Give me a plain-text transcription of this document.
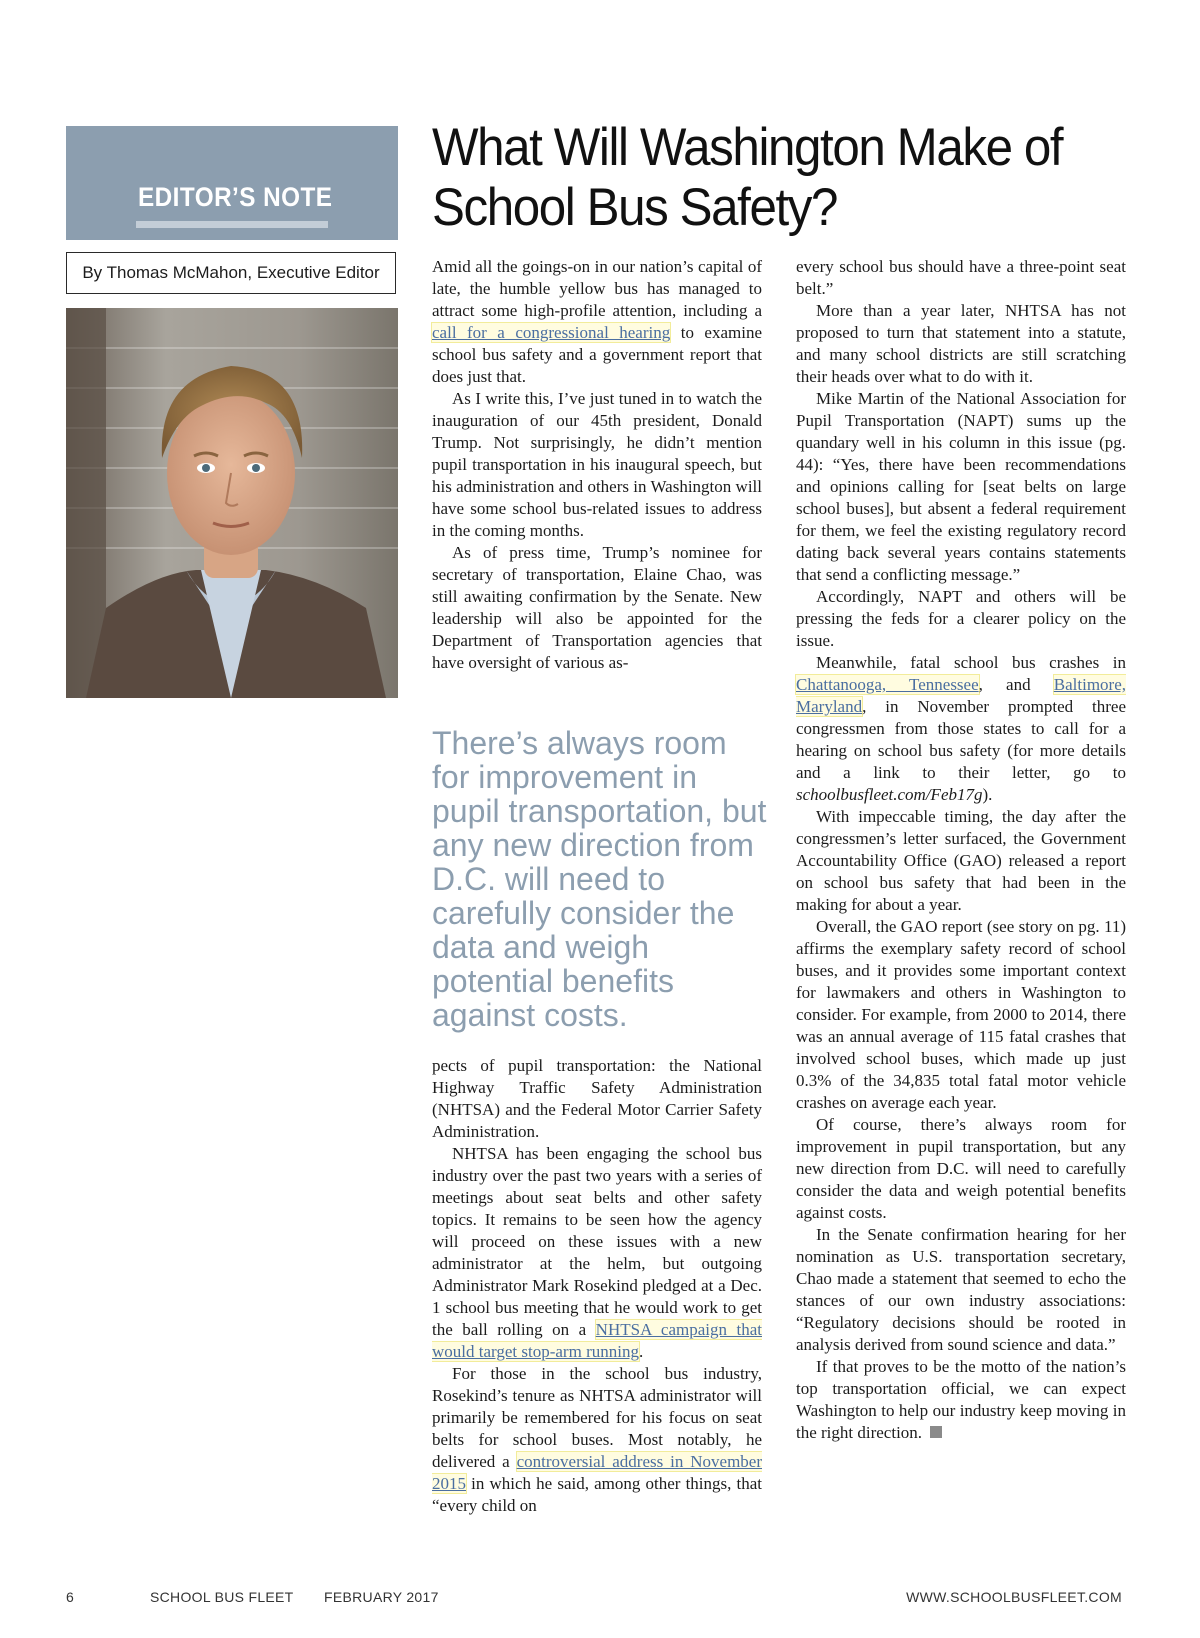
EDITOR’S NOTE
By Thomas McMahon, Executive Editor
What Will Washington Make of
School Bus Safety?

Amid all the goings-on in our nation’s capital of late, the humble yellow bus has managed to attract some high-profile attention, including a call for a congressional hearing to examine school bus safety and a government report that does just that.

As I write this, I’ve just tuned in to watch the inauguration of our 45th president, Donald Trump. Not surprisingly, he didn’t mention pupil transportation in his inaugural speech, but his administration and others in Washington will have some school bus-related issues to address in the coming months.

As of press time, Trump’s nominee for secretary of transportation, Elaine Chao, was still awaiting confirmation by the Senate. New leadership will also be appointed for the Department of Transportation agencies that have oversight of various as-

There’s always room for improvement in pupil transportation, but any new direction from D.C. will need to carefully consider the data and weigh potential benefits against costs.

pects of pupil transportation: the National Highway Traffic Safety Administration (NHTSA) and the Federal Motor Carrier Safety Administration.

NHTSA has been engaging the school bus industry over the past two years with a series of meetings about seat belts and other safety topics. It remains to be seen how the agency will proceed on these issues with a new administrator at the helm, but outgoing Administrator Mark Rosekind pledged at a Dec. 1 school bus meeting that he would work to get the ball rolling on a NHTSA campaign that would target stop-arm running.

For those in the school bus industry, Rosekind’s tenure as NHTSA administrator will primarily be remembered for his focus on seat belts for school buses. Most notably, he delivered a controversial address in November 2015 in which he said, among other things, that “every child on

every school bus should have a three-point seat belt.”

More than a year later, NHTSA has not proposed to turn that statement into a statute, and many school districts are still scratching their heads over what to do with it.

Mike Martin of the National Association for Pupil Transportation (NAPT) sums up the quandary well in his column in this issue (pg. 44): “Yes, there have been recommendations and opinions calling for [seat belts on large school buses], but absent a federal requirement for them, we feel the existing regulatory record dating back several years contains statements that send a conflicting message.”

Accordingly, NAPT and others will be pressing the feds for a clearer policy on the issue.

Meanwhile, fatal school bus crashes in Chattanooga, Tennessee, and Baltimore, Maryland, in November prompted three congressmen from those states to call for a hearing on school bus safety (for more details and a link to their letter, go to schoolbusfleet.com/Feb17g).

With impeccable timing, the day after the congressmen’s letter surfaced, the Government Accountability Office (GAO) released a report on school bus safety that had been in the making for about a year.

Overall, the GAO report (see story on pg. 11) affirms the exemplary safety record of school buses, and it provides some important context for lawmakers and others in Washington to consider. For example, from 2000 to 2014, there was an annual average of 115 fatal crashes that involved school buses, which made up just 0.3% of the 34,835 total fatal motor vehicle crashes on average each year.

Of course, there’s always room for improvement in pupil transportation, but any new direction from D.C. will need to carefully consider the data and weigh potential benefits against costs.

In the Senate confirmation hearing for her nomination as U.S. transportation secretary, Chao made a statement that seemed to echo the stances of our own industry associations: “Regulatory decisions should be rooted in analysis derived from sound science and data.”

If that proves to be the motto of the nation’s top transportation official, we can expect Washington to help our industry keep moving in the right direction.

6	SCHOOL BUS FLEET FEBRUARY 2017	WWW.SCHOOLBUSFLEET.COM
